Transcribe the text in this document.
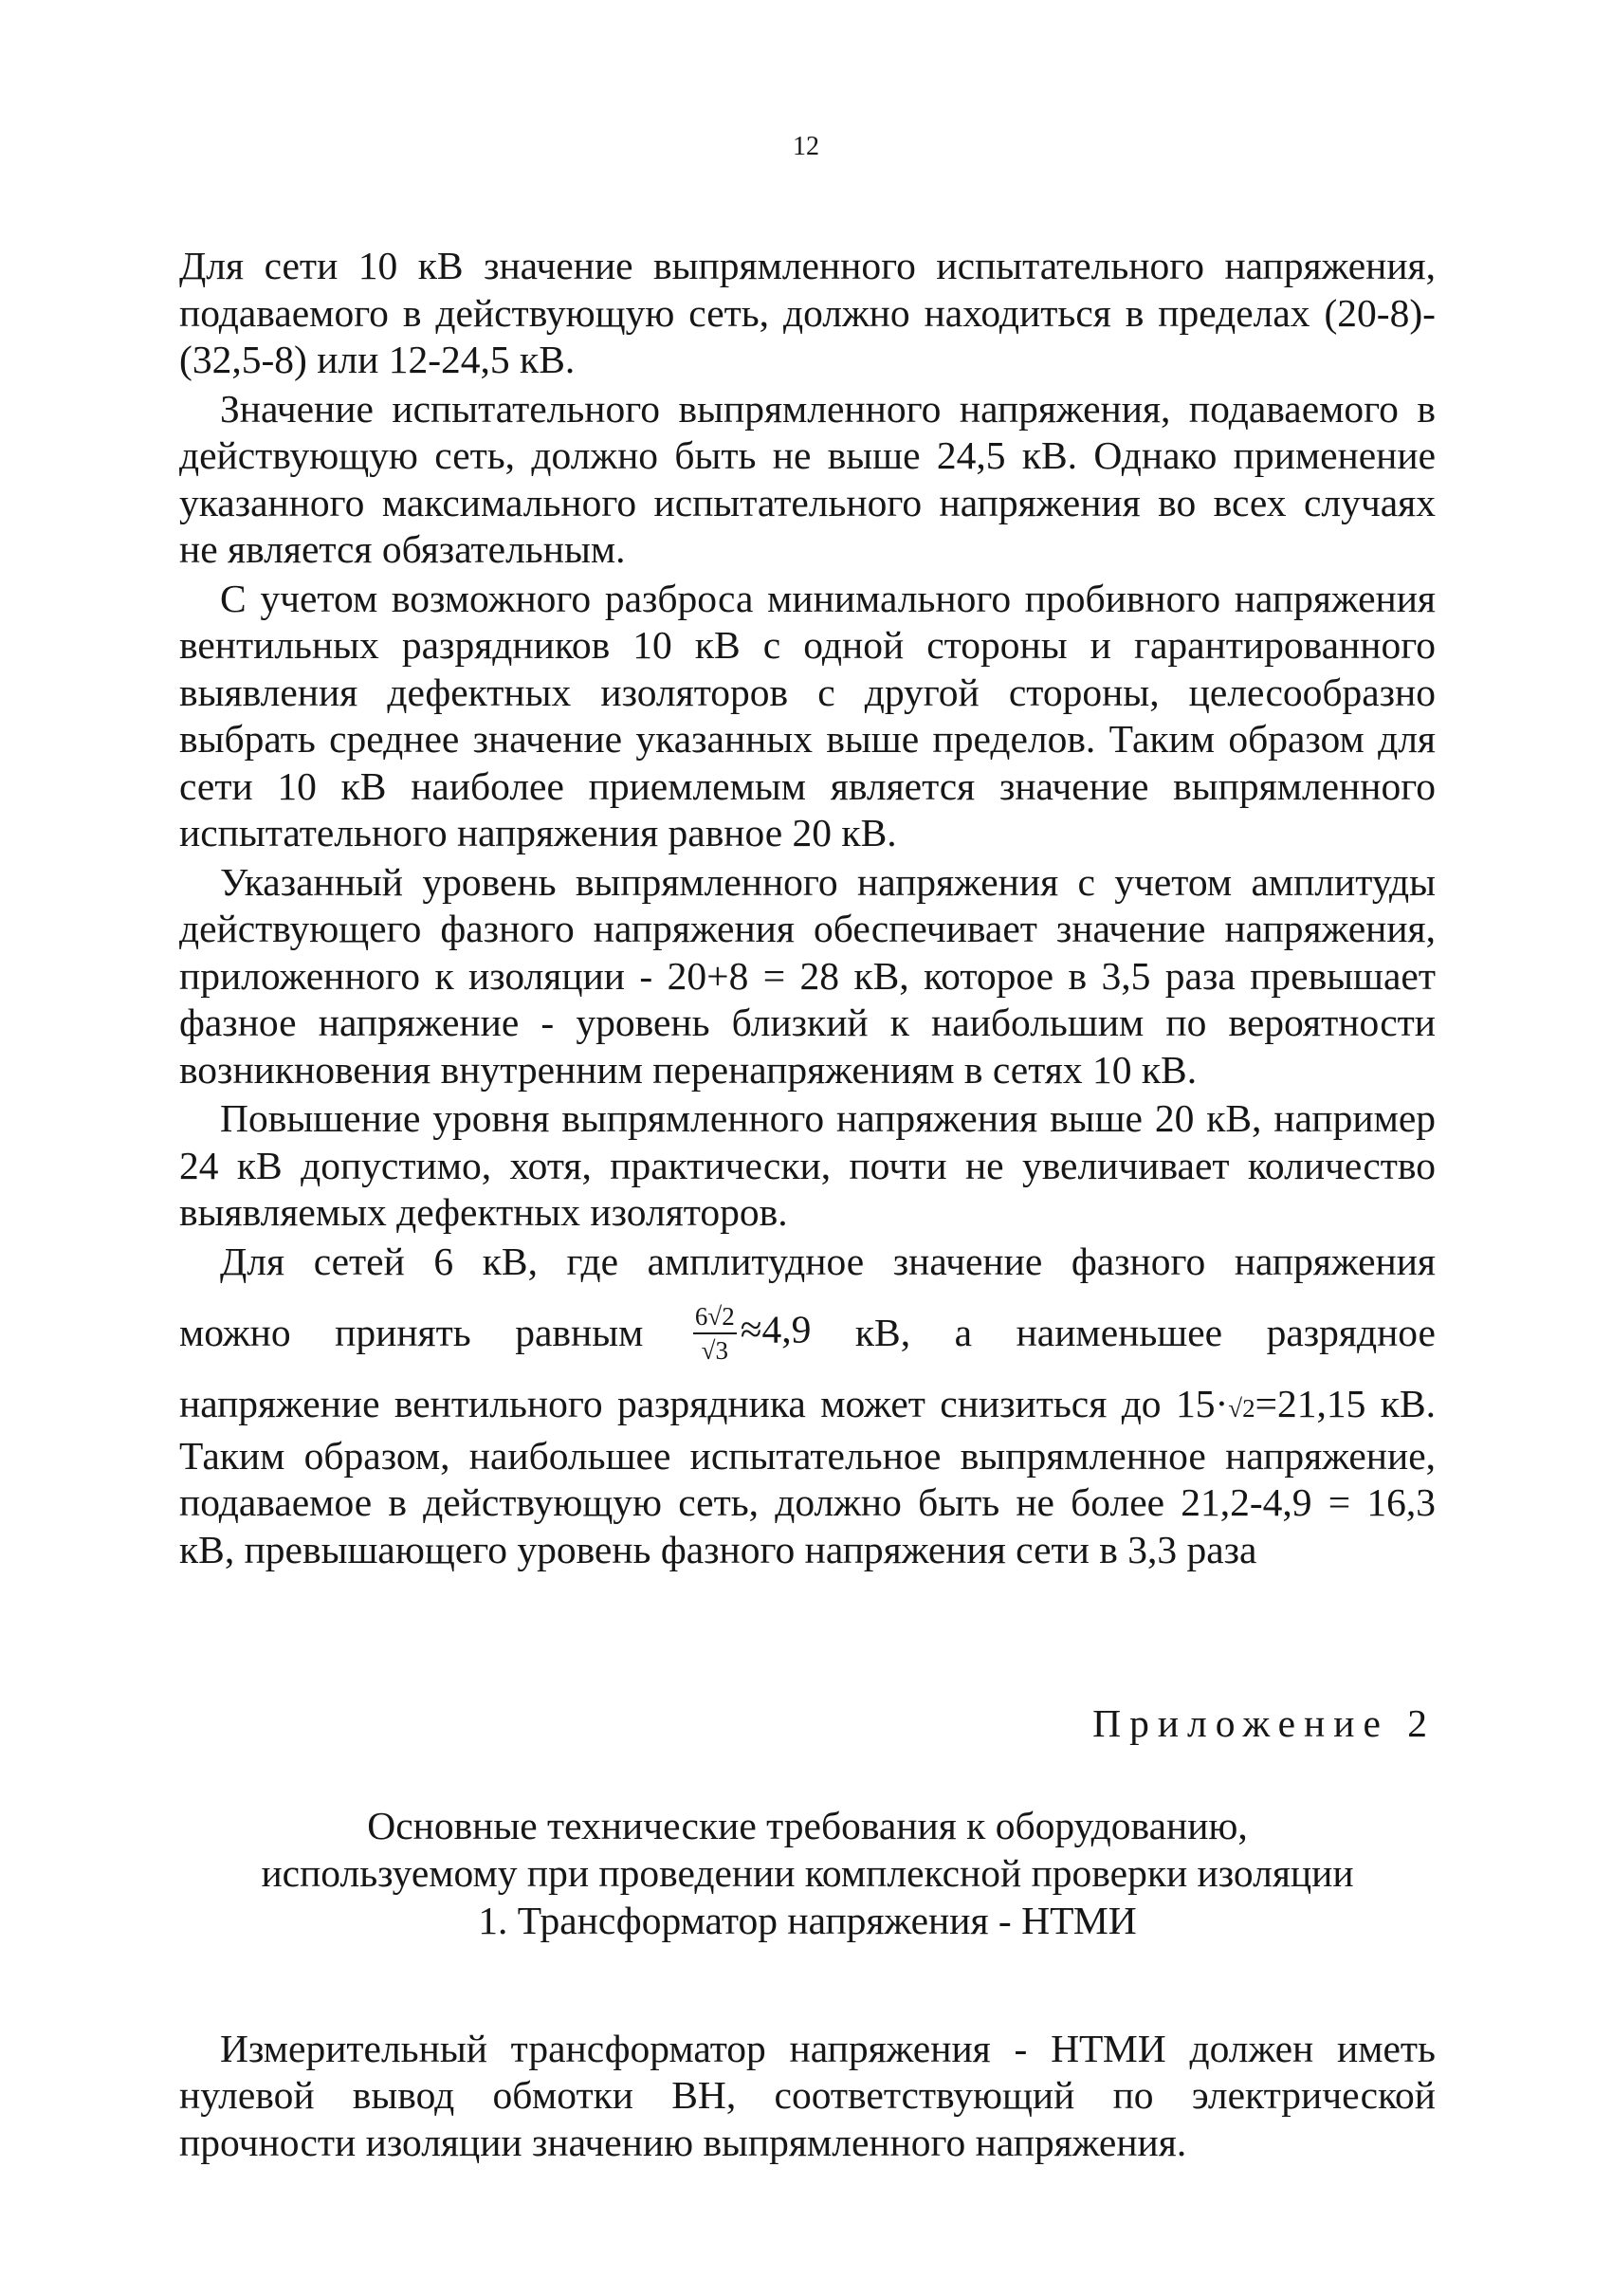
12

Для сети 10 кВ значение выпрямленного испытательного напряжения, подаваемого в действующую сеть, должно находиться в пределах (20-8)-(32,5-8) или 12-24,5 кВ.

Значение испытательного выпрямленного напряжения, подаваемого в действующую сеть, должно быть не выше 24,5 кВ. Однако применение указанного максимального испытательного напряжения во всех случаях не является обязательным.

С учетом возможного разброса минимального пробивного напряжения вентильных разрядников 10 кВ с одной стороны и гарантированного выявления дефектных изоляторов с другой стороны, целесообразно выбрать среднее значение указанных выше пределов. Таким образом для сети 10 кВ наиболее приемлемым является значение выпрямленного испытательного напряжения равное 20 кВ.

Указанный уровень выпрямленного напряжения с учетом амплитуды действующего фазного напряжения обеспечивает значение напряжения, приложенного к изоляции - 20+8 = 28 кВ, которое в 3,5 раза превышает фазное напряжение - уровень близкий к наибольшим по вероятности возникновения внутренним перенапряжениям в сетях 10 кВ.

Повышение уровня выпрямленного напряжения выше 20 кВ, например 24 кВ допустимо, хотя, практически, почти не увеличивает количество выявляемых дефектных изоляторов.

Для сетей 6 кВ, где амплитудное значение фазного напряжения

можно принять равным $\frac{6√2}{√3} \approx 4,9$ кВ, а наименьшее разрядное

напряжение вентильного разрядника может снизиться до 15·√2=21,15 кВ. Таким образом, наибольшее испытательное выпрямленное напряжение, подаваемое в действующую сеть, должно быть не более 21,2-4,9 = 16,3 кВ, превышающего уровень фазного напряжения сети в 3,3 раза

Приложение 2
Основные технические требования к оборудованию,
используемому при проведении комплексной проверки изоляции
1. Трансформатор напряжения - НТМИ

Измерительный трансформатор напряжения - НТМИ должен иметь нулевой вывод обмотки ВН, соответствующий по электрической прочности изоляции значению выпрямленного напряжения.
